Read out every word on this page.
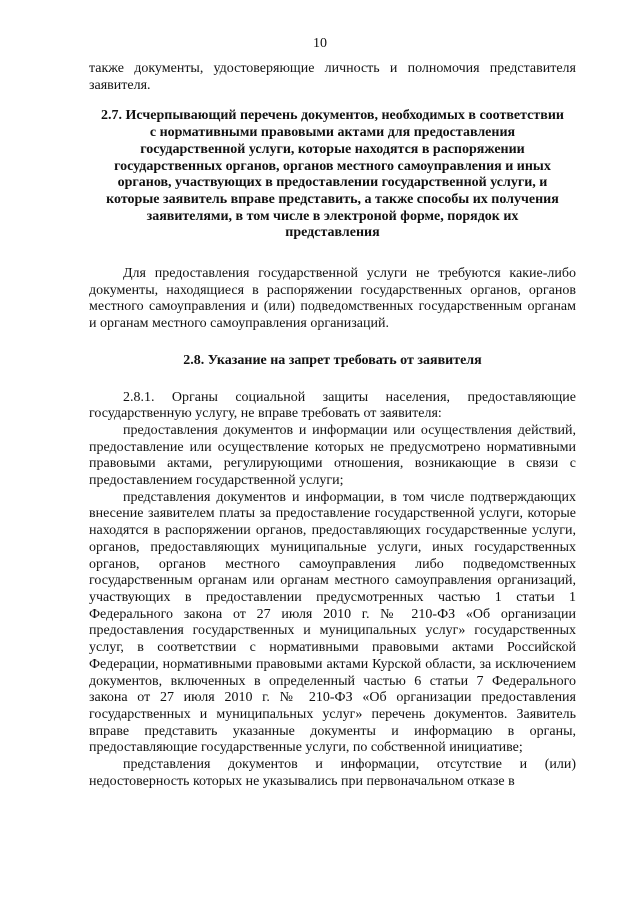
10

также документы, удостоверяющие личность и полномочия представителя заявителя.

2.7. Исчерпывающий перечень документов, необходимых в соответствии с нормативными правовыми актами для предоставления государственной услуги, которые находятся в распоряжении государственных органов, органов местного самоуправления и иных органов, участвующих в предоставлении государственной услуги, и которые заявитель вправе представить, а также способы их получения заявителями, в том числе в электроной форме, порядок их представления

Для предоставления государственной услуги не требуются какие-либо документы, находящиеся в распоряжении государственных органов, органов местного самоуправления и (или) подведомственных государственным органам и органам местного самоуправления организаций.

2.8. Указание на запрет требовать от заявителя

2.8.1. Органы социальной защиты населения, предоставляющие государственную услугу, не вправе требовать от заявителя:

предоставления документов и информации или осуществления действий, предоставление или осуществление которых не предусмотрено нормативными правовыми актами, регулирующими отношения, возникающие в связи с предоставлением государственной услуги;

представления документов и информации, в том числе подтверждающих внесение заявителем платы за предоставление государственной услуги, которые находятся в распоряжении органов, предоставляющих государственные услуги, органов, предоставляющих муниципальные услуги, иных государственных органов, органов местного самоуправления либо подведомственных государственным органам или органам местного самоуправления организаций, участвующих в предоставлении предусмотренных частью 1 статьи 1 Федерального закона от 27 июля 2010 г. № 210-ФЗ «Об организации предоставления государственных и муниципальных услуг» государственных услуг, в соответствии с нормативными правовыми актами Российской Федерации, нормативными правовыми актами Курской области, за исключением документов, включенных в определенный частью 6 статьи 7 Федерального закона от 27 июля 2010 г. № 210-ФЗ «Об организации предоставления государственных и муниципальных услуг» перечень документов. Заявитель вправе представить указанные документы и информацию в органы, предоставляющие государственные услуги, по собственной инициативе;

представления документов и информации, отсутствие и (или) недостоверность которых не указывались при первоначальном отказе в
